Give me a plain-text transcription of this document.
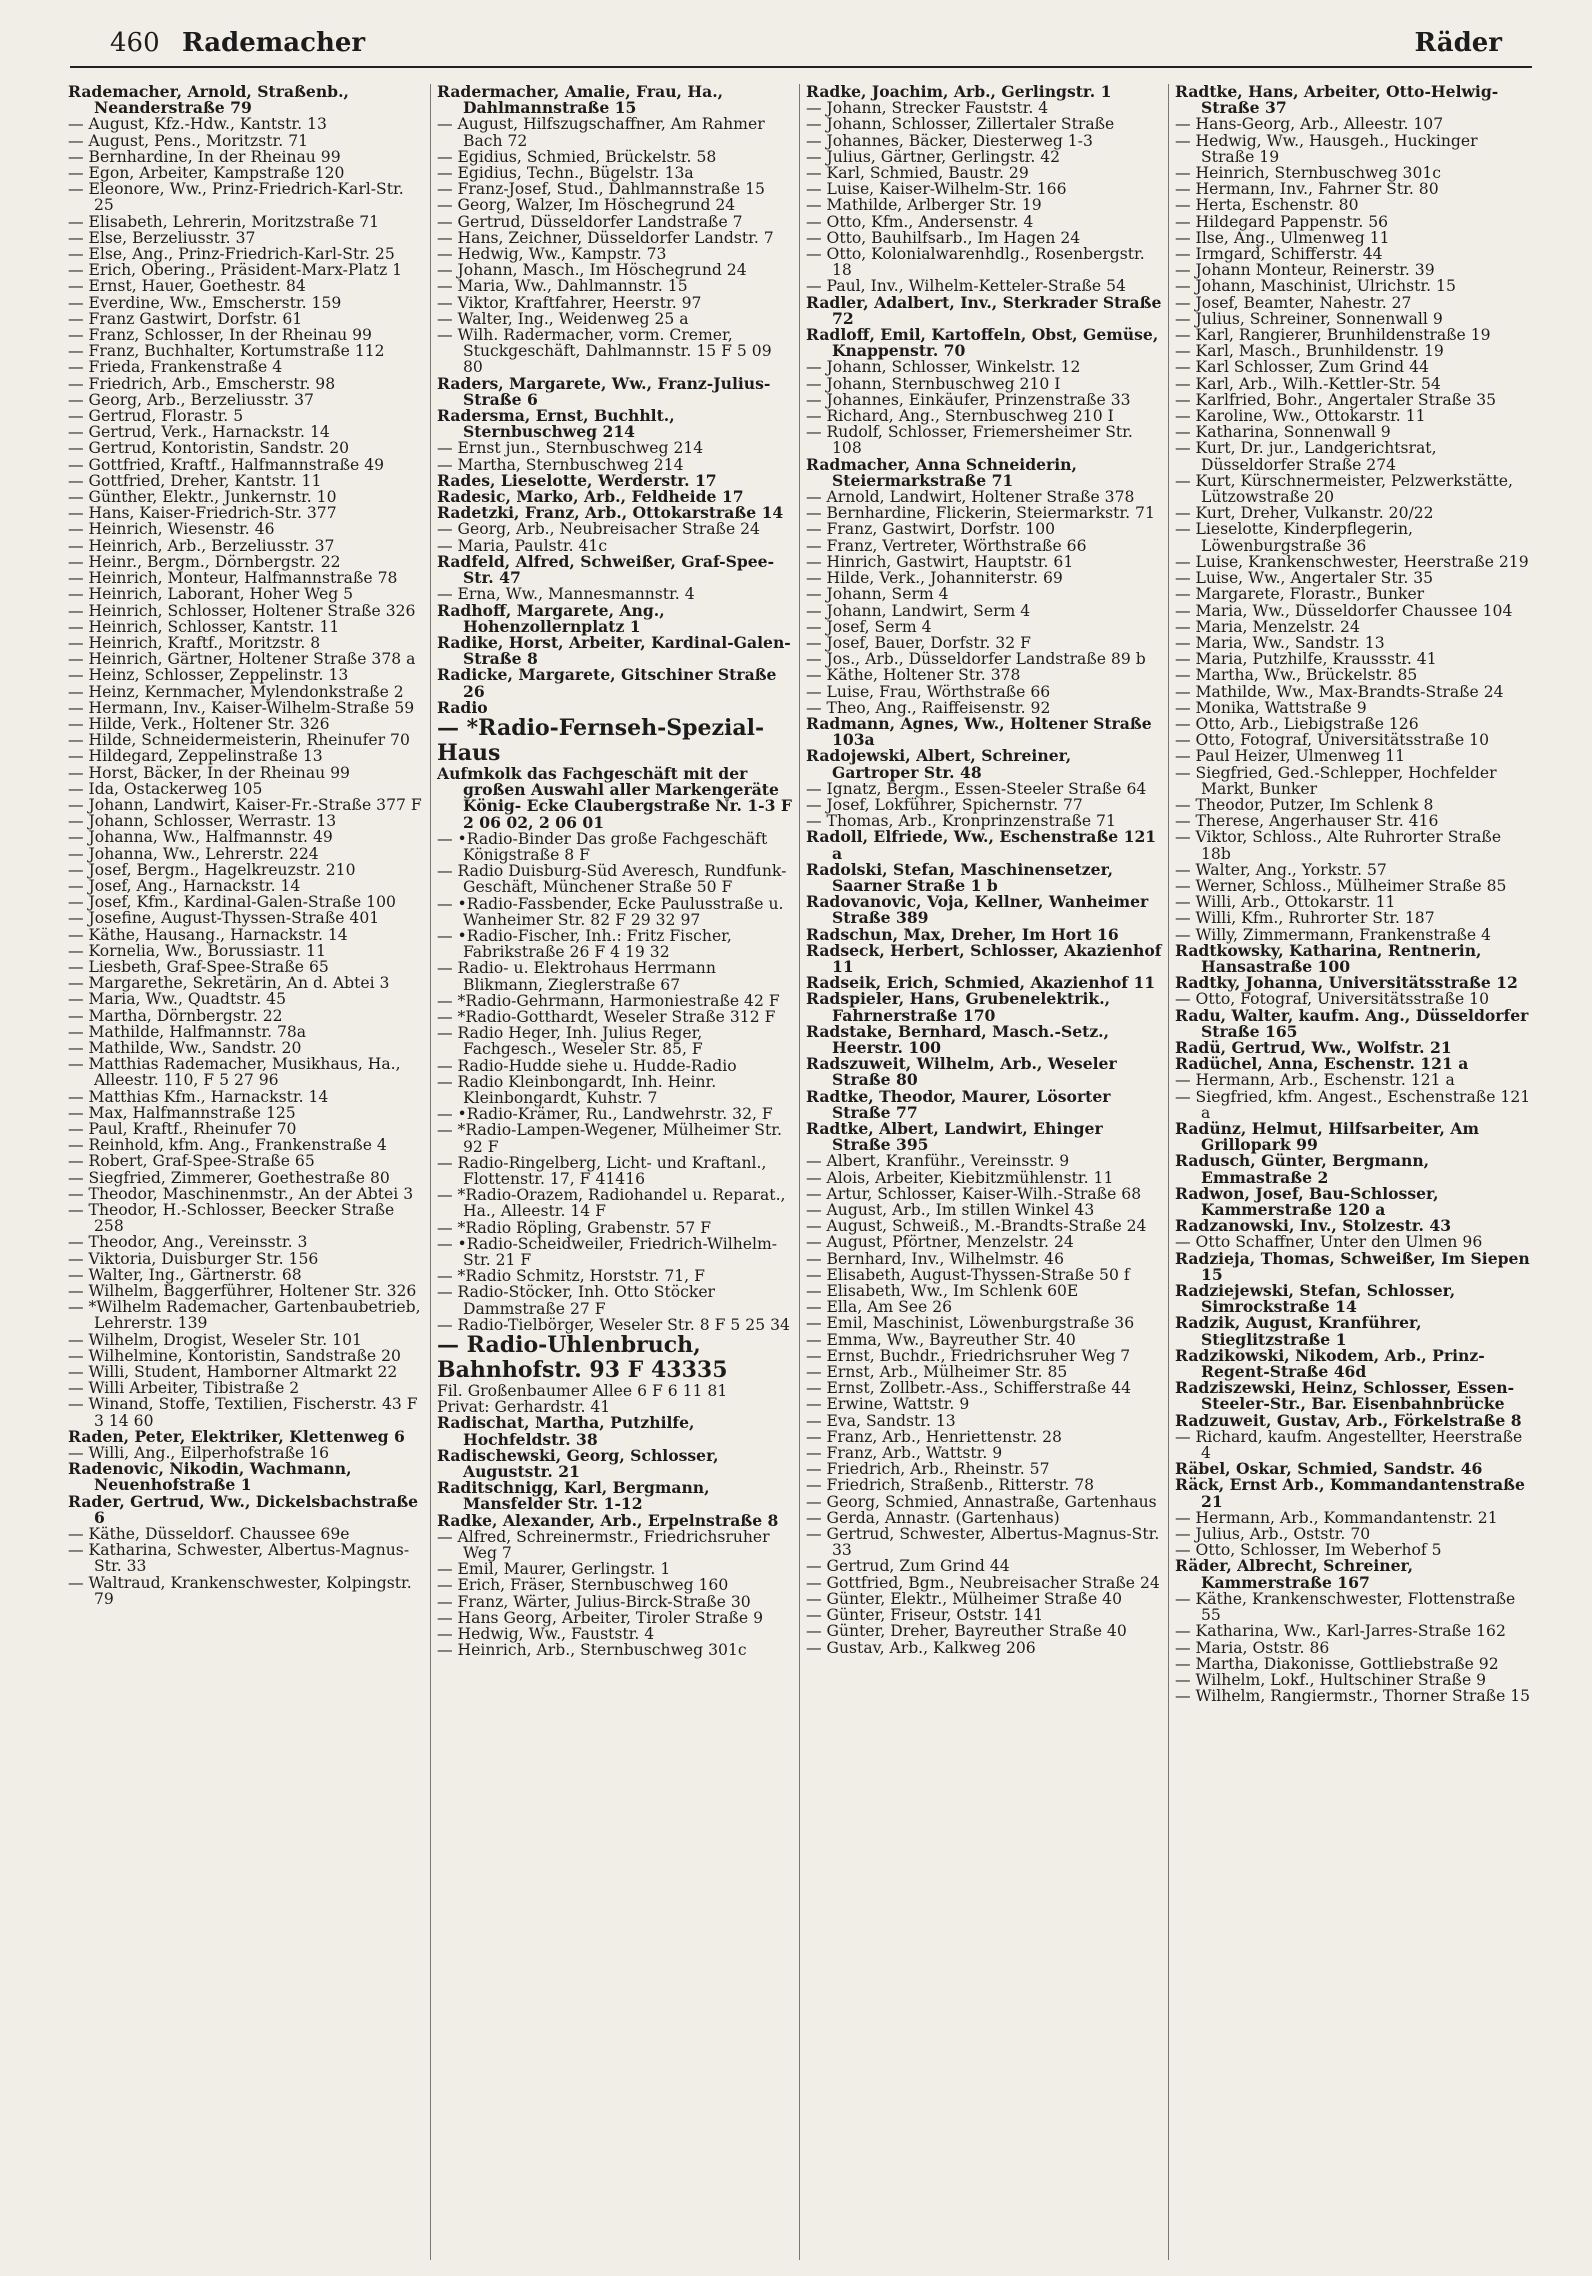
460 Rademacher	Räder
Rademacher, Arnold, Straßenb., Neanderstraße 79
— August, Kfz.-Hdw., Kantstr. 13
— August, Pens., Moritzstr. 71
— Bernhardine, In der Rheinau 99
— Egon, Arbeiter, Kampstraße 120
— Eleonore, Ww., Prinz-Friedrich-Karl-Str. 25
— Elisabeth, Lehrerin, Moritzstraße 71
— Else, Berzeliusstr. 37
— Else, Ang., Prinz-Friedrich-Karl-Str. 25
— Erich, Obering., Präsident-Marx-Platz 1
— Ernst, Hauer, Goethestr. 84
— Everdine, Ww., Emscherstr. 159
— Franz Gastwirt, Dorfstr. 61
— Franz, Schlosser, In der Rheinau 99
— Franz, Buchhalter, Kortumstraße 112
— Frieda, Frankenstraße 4
— Friedrich, Arb., Emscherstr. 98
— Georg, Arb., Berzeliusstr. 37
— Gertrud, Florastr. 5
— Gertrud, Verk., Harnackstr. 14
— Gertrud, Kontoristin, Sandstr. 20
— Gottfried, Kraftf., Halfmannstraße 49
— Gottfried, Dreher, Kantstr. 11
— Günther, Elektr., Junkernstr. 10
— Hans, Kaiser-Friedrich-Str. 377
— Heinrich, Wiesenstr. 46
— Heinrich, Arb., Berzeliusstr. 37
— Heinr., Bergm., Dörnbergstr. 22
— Heinrich, Monteur, Halfmannstraße 78
— Heinrich, Laborant, Hoher Weg 5
— Heinrich, Schlosser, Holtener Straße 326
— Heinrich, Schlosser, Kantstr. 11
— Heinrich, Kraftf., Moritzstr. 8
— Heinrich, Gärtner, Holtener Straße 378 a
— Heinz, Schlosser, Zeppelinstr. 13
— Heinz, Kernmacher, Mylendonkstraße 2
— Hermann, Inv., Kaiser-Wilhelm-Straße 59
— Hilde, Verk., Holtener Str. 326
— Hilde, Schneidermeisterin, Rheinufer 70
— Hildegard, Zeppelinstraße 13
— Horst, Bäcker, In der Rheinau 99
— Ida, Ostackerweg 105
— Johann, Landwirt, Kaiser-Fr.-Straße 377 F
— Johann, Schlosser, Werrastr. 13
— Johanna, Ww., Halfmannstr. 49
— Johanna, Ww., Lehrerstr. 224
— Josef, Bergm., Hagelkreuzstr. 210
— Josef, Ang., Harnackstr. 14
— Josef, Kfm., Kardinal-Galen-Straße 100
— Josefine, August-Thyssen-Straße 401
— Käthe, Hausang., Harnackstr. 14
— Kornelia, Ww., Borussiastr. 11
— Liesbeth, Graf-Spee-Straße 65
— Margarethe, Sekretärin, An d. Abtei 3
— Maria, Ww., Quadtstr. 45
— Martha, Dörnbergstr. 22
— Mathilde, Halfmannstr. 78a
— Mathilde, Ww., Sandstr. 20
— Matthias Rademacher, Musikhaus, Ha., Alleestr. 110, F 5 27 96
— Matthias Kfm., Harnackstr. 14
— Max, Halfmannstraße 125
— Paul, Kraftf., Rheinufer 70
— Reinhold, kfm. Ang., Frankenstraße 4
— Robert, Graf-Spee-Straße 65
— Siegfried, Zimmerer, Goethestraße 80
— Theodor, Maschinenmstr., An der Abtei 3
— Theodor, H.-Schlosser, Beecker Straße 258
— Theodor, Ang., Vereinsstr. 3
— Viktoria, Duisburger Str. 156
— Walter, Ing., Gärtnerstr. 68
— Wilhelm, Baggerführer, Holtener Str. 326
— *Wilhelm Rademacher, Gartenbaubetrieb, Lehrerstr. 139
— Wilhelm, Drogist, Weseler Str. 101
— Wilhelmine, Kontoristin, Sandstraße 20
— Willi, Student, Hamborner Altmarkt 22
— Willi Arbeiter, Tibistraße 2
— Winand, Stoffe, Textilien, Fischerstr. 43 F 3 14 60
Raden, Peter, Elektriker, Klettenweg 6
— Willi, Ang., Eilperhofstraße 16
Radenovic, Nikodin, Wachmann, Neuenhofstraße 1
Rader, Gertrud, Ww., Dickelsbachstraße 6
— Käthe, Düsseldorf. Chaussee 69e
— Katharina, Schwester, Albertus-Magnus-Str. 33
— Waltraud, Krankenschwester, Kolpingstr. 79
Radermacher, Amalie, Frau, Ha., Dahlmannstraße 15
— August, Hilfszugschaffner, Am Rahmer Bach 72
— Egidius, Schmied, Brückelstr. 58
— Egidius, Techn., Bügelstr. 13a
— Franz-Josef, Stud., Dahlmannstraße 15
— Georg, Walzer, Im Höschegrund 24
— Gertrud, Düsseldorfer Landstraße 7
— Hans, Zeichner, Düsseldorfer Landstr. 7
— Hedwig, Ww., Kampstr. 73
— Johann, Masch., Im Höschegrund 24
— Maria, Ww., Dahlmannstr. 15
— Viktor, Kraftfahrer, Heerstr. 97
— Walter, Ing., Weidenweg 25 a
— Wilh. Radermacher, vorm. Cremer, Stuckgeschäft, Dahlmannstr. 15 F 5 09 80
Raders, Margarete, Ww., Franz-Julius-Straße 6
Radersma, Ernst, Buchhlt., Sternbuschweg 214
— Ernst jun., Sternbuschweg 214
— Martha, Sternbuschweg 214
Rades, Lieselotte, Werderstr. 17
Radesic, Marko, Arb., Feldheide 17
Radetzki, Franz, Arb., Ottokarstraße 14
— Georg, Arb., Neubreisacher Straße 24
— Maria, Paulstr. 41c
Radfeld, Alfred, Schweißer, Graf-Spee-Str. 47
— Erna, Ww., Mannesmannstr. 4
Radhoff, Margarete, Ang., Hohenzollernplatz 1
Radike, Horst, Arbeiter, Kardinal-Galen-Straße 8
Radicke, Margarete, Gitschiner Straße 26
Radio
— *Radio-Fernseh-Spezial-Haus
Aufmkolk das Fachgeschäft mit der großen Auswahl aller Markengeräte König- Ecke Claubergstraße Nr. 1-3 F 2 06 02, 2 06 01
— •Radio-Binder Das große Fachgeschäft Königstraße 8 F
— Radio Duisburg-Süd Averesch, Rundfunk-Geschäft, Münchener Straße 50 F
— •Radio-Fassbender, Ecke Paulusstraße u. Wanheimer Str. 82 F 29 32 97
— •Radio-Fischer, Inh.: Fritz Fischer, Fabrikstraße 26 F 4 19 32
— Radio- u. Elektrohaus Herrmann Blikmann, Zieglerstraße 67
— *Radio-Gehrmann, Harmoniestraße 42 F
— *Radio-Gotthardt, Weseler Straße 312 F
— Radio Heger, Inh. Julius Reger, Fachgesch., Weseler Str. 85, F
— Radio-Hudde siehe u. Hudde-Radio
— Radio Kleinbongardt, Inh. Heinr. Kleinbongardt, Kuhstr. 7
— •Radio-Krämer, Ru., Landwehrstr. 32, F
— *Radio-Lampen-Wegener, Mülheimer Str. 92 F
— Radio-Ringelberg, Licht- und Kraftanl., Flottenstr. 17, F 41416
— *Radio-Orazem, Radiohandel u. Reparat., Ha., Alleestr. 14 F
— *Radio Röpling, Grabenstr. 57 F
— •Radio-Scheidweiler, Friedrich-Wilhelm-Str. 21 F
— *Radio Schmitz, Horststr. 71, F
— Radio-Stöcker, Inh. Otto Stöcker Dammstraße 27 F
— Radio-Tielbörger, Weseler Str. 8 F 5 25 34
— Radio-Uhlenbruch, Bahnhofstr. 93 F 43335
Fil. Großenbaumer Allee 6 F 6 11 81
Privat: Gerhardstr. 41
Radischat, Martha, Putzhilfe, Hochfeldstr. 38
Radischewski, Georg, Schlosser, Auguststr. 21
Raditschnigg, Karl, Bergmann, Mansfelder Str. 1-12
Radke, Alexander, Arb., Erpelnstraße 8
— Alfred, Schreinermstr., Friedrichsruher Weg 7
— Emil, Maurer, Gerlingstr. 1
— Erich, Fräser, Sternbuschweg 160
— Franz, Wärter, Julius-Birck-Straße 30
— Hans Georg, Arbeiter, Tiroler Straße 9
— Hedwig, Ww., Fauststr. 4
— Heinrich, Arb., Sternbuschweg 301c
Radke, Joachim, Arb., Gerlingstr. 1
— Johann, Strecker Fauststr. 4
— Johann, Schlosser, Zillertaler Straße
— Johannes, Bäcker, Diesterweg 1-3
— Julius, Gärtner, Gerlingstr. 42
— Karl, Schmied, Baustr. 29
— Luise, Kaiser-Wilhelm-Str. 166
— Mathilde, Arlberger Str. 19
— Otto, Kfm., Andersenstr. 4
— Otto, Bauhilfsarb., Im Hagen 24
— Otto, Kolonialwarenhdlg., Rosenbergstr. 18
— Paul, Inv., Wilhelm-Ketteler-Straße 54
Radler, Adalbert, Inv., Sterkrader Straße 72
Radloff, Emil, Kartoffeln, Obst, Gemüse, Knappenstr. 70
— Johann, Schlosser, Winkelstr. 12
— Johann, Sternbuschweg 210 I
— Johannes, Einkäufer, Prinzenstraße 33
— Richard, Ang., Sternbuschweg 210 I
— Rudolf, Schlosser, Friemersheimer Str. 108
Radmacher, Anna Schneiderin, Steiermarkstraße 71
— Arnold, Landwirt, Holtener Straße 378
— Bernhardine, Flickerin, Steiermarkstr. 71
— Franz, Gastwirt, Dorfstr. 100
— Franz, Vertreter, Wörthstraße 66
— Hinrich, Gastwirt, Hauptstr. 61
— Hilde, Verk., Johanniterstr. 69
— Johann, Serm 4
— Johann, Landwirt, Serm 4
— Josef, Serm 4
— Josef, Bauer, Dorfstr. 32 F
— Jos., Arb., Düsseldorfer Landstraße 89 b
— Käthe, Holtener Str. 378
— Luise, Frau, Wörthstraße 66
— Theo, Ang., Raiffeisenstr. 92
Radmann, Agnes, Ww., Holtener Straße 103a
Radojewski, Albert, Schreiner, Gartroper Str. 48
— Ignatz, Bergm., Essen-Steeler Straße 64
— Josef, Lokführer, Spichernstr. 77
— Thomas, Arb., Kronprinzenstraße 71
Radoll, Elfriede, Ww., Eschenstraße 121 a
Radolski, Stefan, Maschinensetzer, Saarner Straße 1 b
Radovanovic, Voja, Kellner, Wanheimer Straße 389
Radschun, Max, Dreher, Im Hort 16
Radseck, Herbert, Schlosser, Akazienhof 11
Radseik, Erich, Schmied, Akazienhof 11
Radspieler, Hans, Grubenelektrik., Fahrnerstraße 170
Radstake, Bernhard, Masch.-Setz., Heerstr. 100
Radszuweit, Wilhelm, Arb., Weseler Straße 80
Radtke, Theodor, Maurer, Lösorter Straße 77
Radtke, Albert, Landwirt, Ehinger Straße 395
— Albert, Kranführ., Vereinsstr. 9
— Alois, Arbeiter, Kiebitzmühlenstr. 11
— Artur, Schlosser, Kaiser-Wilh.-Straße 68
— August, Arb., Im stillen Winkel 43
— August, Schweiß., M.-Brandts-Straße 24
— August, Pförtner, Menzelstr. 24
— Bernhard, Inv., Wilhelmstr. 46
— Elisabeth, August-Thyssen-Straße 50 f
— Elisabeth, Ww., Im Schlenk 60E
— Ella, Am See 26
— Emil, Maschinist, Löwenburgstraße 36
— Emma, Ww., Bayreuther Str. 40
— Ernst, Buchdr., Friedrichsruher Weg 7
— Ernst, Arb., Mülheimer Str. 85
— Ernst, Zollbetr.-Ass., Schifferstraße 44
— Erwine, Wattstr. 9
— Eva, Sandstr. 13
— Franz, Arb., Henriettenstr. 28
— Franz, Arb., Wattstr. 9
— Friedrich, Arb., Rheinstr. 57
— Friedrich, Straßenb., Ritterstr. 78
— Georg, Schmied, Annastraße, Gartenhaus
— Gerda, Annastr. (Gartenhaus)
— Gertrud, Schwester, Albertus-Magnus-Str. 33
— Gertrud, Zum Grind 44
— Gottfried, Bgm., Neubreisacher Straße 24
— Günter, Elektr., Mülheimer Straße 40
— Günter, Friseur, Oststr. 141
— Günter, Dreher, Bayreuther Straße 40
— Gustav, Arb., Kalkweg 206
Radtke, Hans, Arbeiter, Otto-Helwig-Straße 37
— Hans-Georg, Arb., Alleestr. 107
— Hedwig, Ww., Hausgeh., Huckinger Straße 19
— Heinrich, Sternbuschweg 301c
— Hermann, Inv., Fahrner Str. 80
— Herta, Eschenstr. 80
— Hildegard Pappenstr. 56
— Ilse, Ang., Ulmenweg 11
— Irmgard, Schifferstr. 44
— Johann Monteur, Reinerstr. 39
— Johann, Maschinist, Ulrichstr. 15
— Josef, Beamter, Nahestr. 27
— Julius, Schreiner, Sonnenwall 9
— Karl, Rangierer, Brunhildenstraße 19
— Karl, Masch., Brunhildenstr. 19
— Karl Schlosser, Zum Grind 44
— Karl, Arb., Wilh.-Kettler-Str. 54
— Karlfried, Bohr., Angertaler Straße 35
— Karoline, Ww., Ottokarstr. 11
— Katharina, Sonnenwall 9
— Kurt, Dr. jur., Landgerichtsrat, Düsseldorfer Straße 274
— Kurt, Kürschnermeister, Pelzwerkstätte, Lützowstraße 20
— Kurt, Dreher, Vulkanstr. 20/22
— Lieselotte, Kinderpflegerin, Löwenburgstraße 36
— Luise, Krankenschwester, Heerstraße 219
— Luise, Ww., Angertaler Str. 35
— Margarete, Florastr., Bunker
— Maria, Ww., Düsseldorfer Chaussee 104
— Maria, Menzelstr. 24
— Maria, Ww., Sandstr. 13
— Maria, Putzhilfe, Kraussstr. 41
— Martha, Ww., Brückelstr. 85
— Mathilde, Ww., Max-Brandts-Straße 24
— Monika, Wattstraße 9
— Otto, Arb., Liebigstraße 126
— Otto, Fotograf, Universitätsstraße 10
— Paul Heizer, Ulmenweg 11
— Siegfried, Ged.-Schlepper, Hochfelder Markt, Bunker
— Theodor, Putzer, Im Schlenk 8
— Therese, Angerhauser Str. 416
— Viktor, Schloss., Alte Ruhrorter Straße 18b
— Walter, Ang., Yorkstr. 57
— Werner, Schloss., Mülheimer Straße 85
— Willi, Arb., Ottokarstr. 11
— Willi, Kfm., Ruhrorter Str. 187
— Willy, Zimmermann, Frankenstraße 4
Radtkowsky, Katharina, Rentnerin, Hansastraße 100
Radtky, Johanna, Universitätsstraße 12
— Otto, Fotograf, Universitätsstraße 10
Radu, Walter, kaufm. Ang., Düsseldorfer Straße 165
Radü, Gertrud, Ww., Wolfstr. 21
Radüchel, Anna, Eschenstr. 121 a
— Hermann, Arb., Eschenstr. 121 a
— Siegfried, kfm. Angest., Eschenstraße 121 a
Radünz, Helmut, Hilfsarbeiter, Am Grillopark 99
Radusch, Günter, Bergmann, Emmastraße 2
Radwon, Josef, Bau-Schlosser, Kammerstraße 120 a
Radzanowski, Inv., Stolzestr. 43
— Otto Schaffner, Unter den Ulmen 96
Radzieja, Thomas, Schweißer, Im Siepen 15
Radziejewski, Stefan, Schlosser, Simrockstraße 14
Radzik, August, Kranführer, Stieglitzstraße 1
Radzikowski, Nikodem, Arb., Prinz-Regent-Straße 46d
Radziszewski, Heinz, Schlosser, Essen-Steeler-Str., Bar. Eisenbahnbrücke
Radzuweit, Gustav, Arb., Förkelstraße 8
— Richard, kaufm. Angestellter, Heerstraße 4
Räbel, Oskar, Schmied, Sandstr. 46
Räck, Ernst Arb., Kommandantenstraße 21
— Hermann, Arb., Kommandantenstr. 21
— Julius, Arb., Oststr. 70
— Otto, Schlosser, Im Weberhof 5
Räder, Albrecht, Schreiner, Kammerstraße 167
— Käthe, Krankenschwester, Flottenstraße 55
— Katharina, Ww., Karl-Jarres-Straße 162
— Maria, Oststr. 86
— Martha, Diakonisse, Gottliebstraße 92
— Wilhelm, Lokf., Hultschiner Straße 9
— Wilhelm, Rangiermstr., Thorner Straße 15
